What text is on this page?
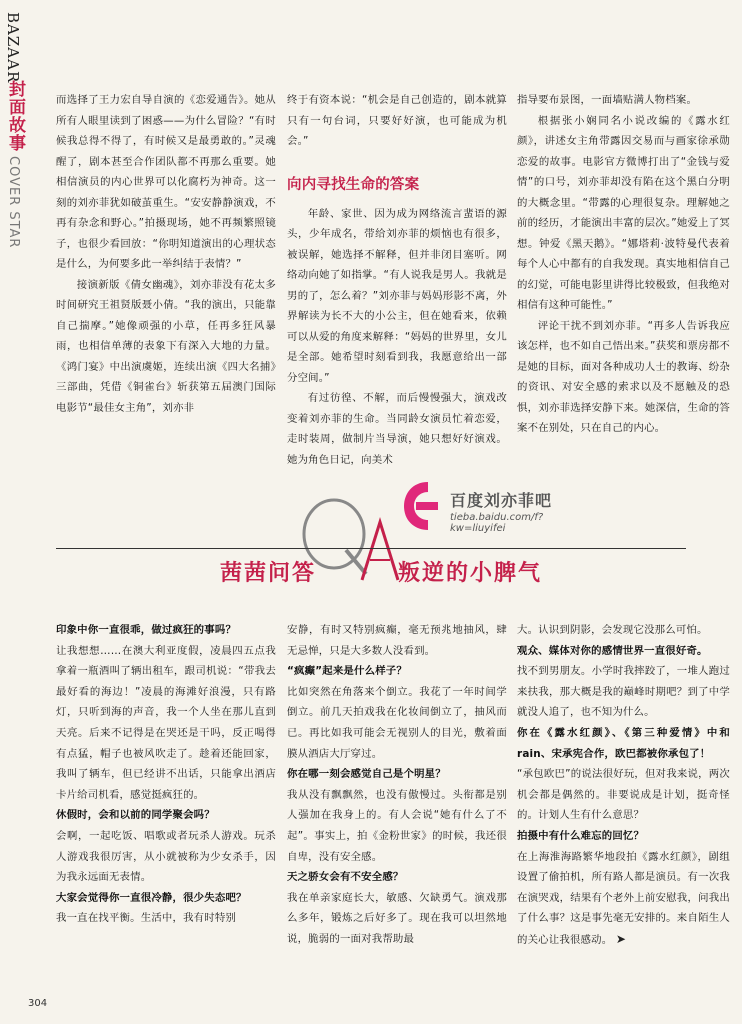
BAZAAR
封面故事
COVER STAR

而选择了王力宏自导自演的《恋爱通告》。她从所有人眼里读到了困惑——为什么冒险？“有时候我总得不得了，有时候又是最勇敢的。”灵魂醒了，剧本甚至合作团队都不再那么重要。她相信演员的内心世界可以化腐朽为神奇。这一刻的刘亦菲犹如破茧重生。“安安静静演戏，不再有杂念和野心。”拍摄现场，她不再频繁照镜子，也很少看回放：“你明知道演出的心理状态是什么，为何要多此一举纠结于表情？”

接演新版《倩女幽魂》，刘亦菲没有花太多时间研究王祖贤版聂小倩。“我的演出，只能靠自己揣摩。”她像顽强的小草，任再多狂风暴雨，也相信单薄的表象下有深入大地的力量。《鸿门宴》中出演虞姬，连续出演《四大名捕》三部曲，凭借《铜雀台》斩获第五届澳门国际电影节“最佳女主角”，刘亦非

终于有资本说：“机会是自己创造的，剧本就算只有一句台词，只要好好演，也可能成为机会。”

向内寻找生命的答案

年龄、家世、因为成为网络流言蜚语的源头，少年成名，带给刘亦菲的烦恼也有很多，被误解，她选择不解释，但并非闭目塞听。网络动向她了如指掌。“有人说我是男人。我就是男的了，怎么着？”刘亦菲与妈妈形影不离，外界解读为长不大的小公主，但在她看来，依赖可以从爱的角度来解释：“妈妈的世界里，女儿是全部。她希望时刻看到我，我愿意给出一部分空间。”

有过彷徨、不解，而后慢慢强大，演戏改变着刘亦菲的生命。当同龄女演员忙着恋爱，走时装周，做制片当导演，她只想好好演戏。她为角色日记，向美术

指导要布景图，一面墙贴满人物档案。

根据张小娴同名小说改编的《露水红颜》，讲述女主角带露因交易而与画家徐承勋恋爱的故事。电影官方微博打出了“金钱与爱情”的口号，刘亦菲却没有陷在这个黑白分明的大概念里。“带露的心理很复杂。理解她之前的经历，才能演出丰富的层次。”她爱上了冥想。钟爱《黑天鹅》。“娜塔莉·波特曼代表着每个人心中都有的自我发现。真实地相信自己的幻觉，可能电影里讲得比较极致，但我绝对相信有这种可能性。”

评论干扰不到刘亦菲。“再多人告诉我应该怎样，也不如自己悟出来。”获奖和票房都不是她的目标，面对各种成功人士的教诲、纷杂的资讯、对安全感的索求以及不愿触及的恐惧，刘亦菲选择安静下来。她深信，生命的答案不在别处，只在自己的内心。

百度刘亦菲吧
tieba.baidu.com/f?kw=liuyifei
茜茜问答	叛逆的小脾气

印象中你一直很乖，做过疯狂的事吗？

让我想想……在澳大利亚度假，凌晨四五点我拿着一瓶酒叫了辆出租车，跟司机说：“带我去最好看的海边！”凌晨的海滩好浪漫，只有路灯，只听到海的声音，我一个人坐在那儿直到天亮。后来不记得是在哭还是干吗，反正喝得有点猛，帽子也被风吹走了。趁着还能回家，我叫了辆车，但已经讲不出话，只能拿出酒店卡片给司机看，感觉挺疯狂的。

休假时，会和以前的同学聚会吗？

会啊，一起吃饭、唱歌或者玩杀人游戏。玩杀人游戏我很厉害，从小就被称为少女杀手，因为我永远面无表情。

大家会觉得你一直很冷静，很少失态吧？

我一直在找平衡。生活中，我有时特别

安静，有时又特别疯癫，毫无预兆地抽风，肆无忌惮，只是大多数人没看到。

“疯癫”起来是什么样子？

比如突然在角落来个倒立。我花了一年时间学倒立。前几天拍戏我在化妆间倒立了，抽风而已。再比如我可能会无视别人的目光，敷着面膜从酒店大厅穿过。

你在哪一刻会感觉自己是个明星？

我从没有飘飘然，也没有傲慢过。头衔都是别人强加在我身上的。有人会说“她有什么了不起”。事实上，拍《金粉世家》的时候，我还很自卑，没有安全感。

天之骄女会有不安全感？

我在单亲家庭长大，敏感、欠缺勇气。演戏那么多年，锻炼之后好多了。现在我可以坦然地说，脆弱的一面对我帮助最

大。认识到阴影，会发现它没那么可怕。

观众、媒体对你的感情世界一直很好奇。

找不到男朋友。小学时我摔跤了，一堆人跑过来扶我，那大概是我的巅峰时期吧？到了中学就没人追了，也不知为什么。

你在《露水红颜》、《第三种爱情》中和rain、宋承宪合作，欧巴都被你承包了！

“承包欧巴”的说法很好玩，但对我来说，两次机会都是偶然的。非要说成是计划，挺奇怪的。计划人生有什么意思？

拍摄中有什么难忘的回忆？

在上海淮海路繁华地段拍《露水红颜》，剧组设置了偷拍机，所有路人都是演员。有一次我在演哭戏，结果有个老外上前安慰我，问我出了什么事？这是事先毫无安排的。来自陌生人的关心让我很感动。 ➤

304
